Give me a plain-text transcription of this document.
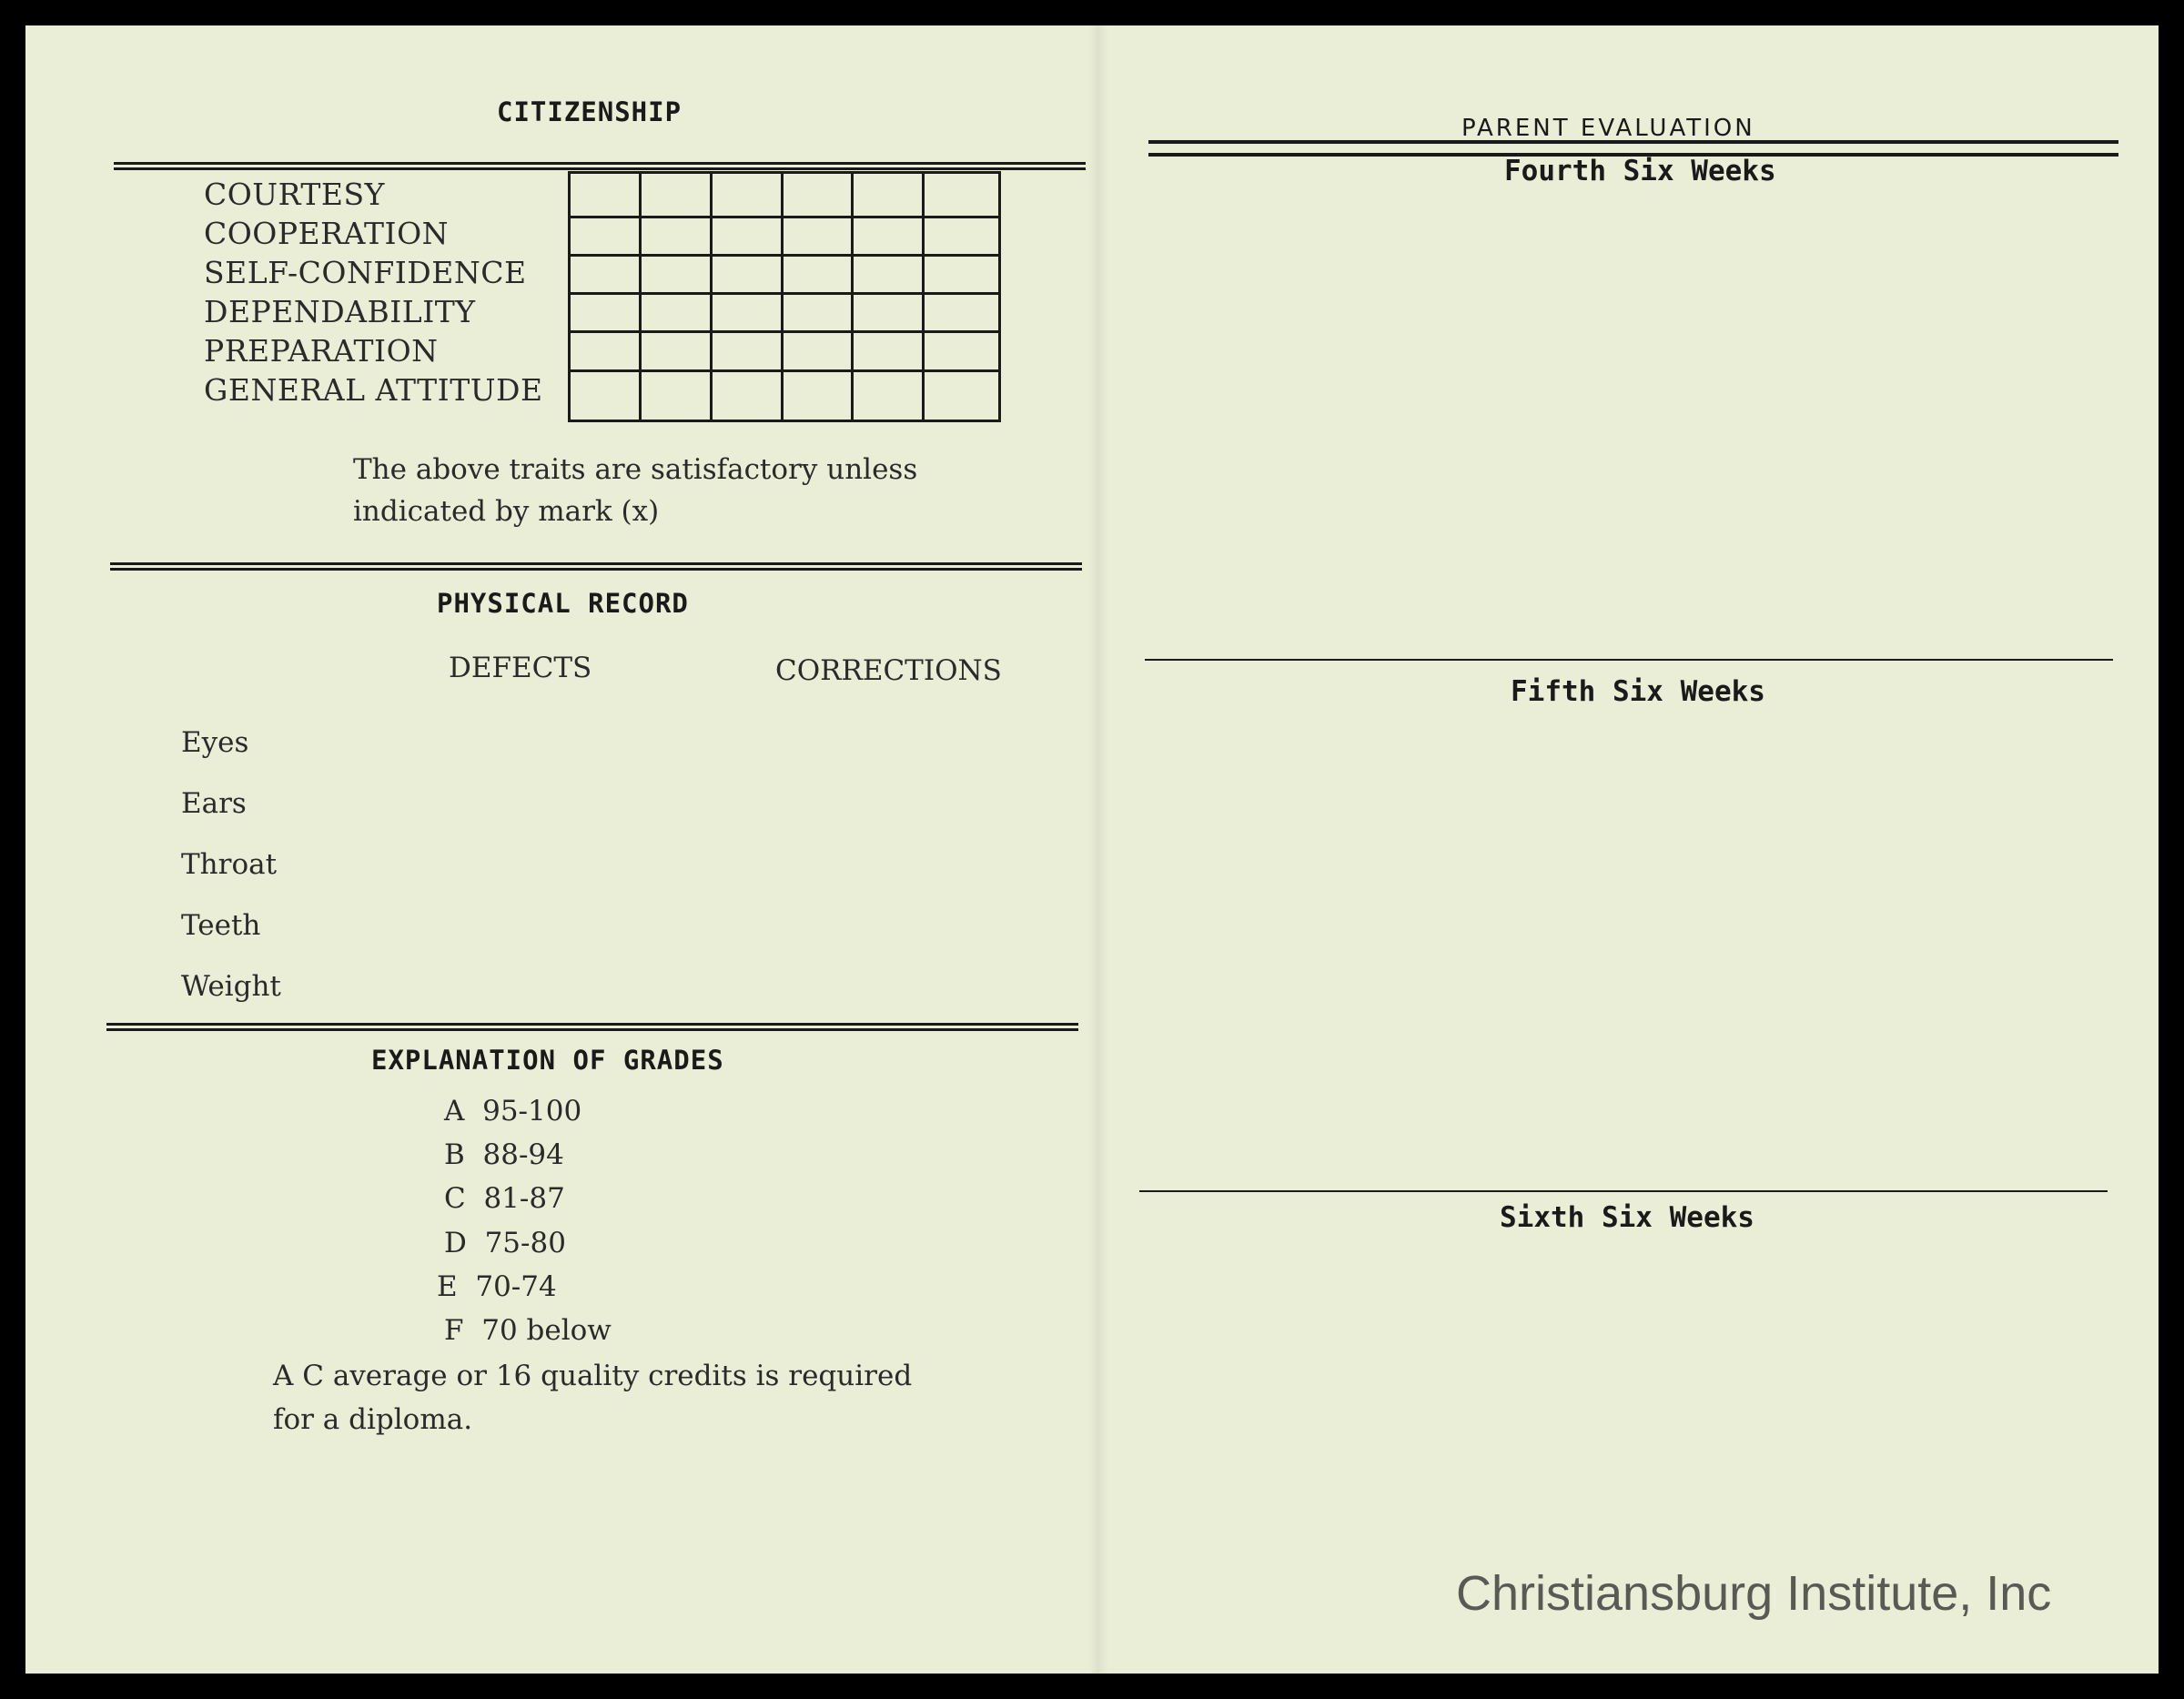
CITIZENSHIP
COURTESY
COOPERATION
SELF-CONFIDENCE
DEPENDABILITY
PREPARATION
GENERAL ATTITUDE
The above traits are satisfactory unless
indicated by mark (x)
PHYSICAL RECORD
DEFECTS	CORRECTIONS
Eyes
Ears
Throat
Teeth
Weight
EXPLANATION OF GRADES
A 95-100
B 88-94
C 81-87
D 75-80
E 70-74
F 70 below
A C average or 16 quality credits is required
for a diploma.
PARENT EVALUATION
Fourth Six Weeks
Fifth Six Weeks
Sixth Six Weeks
Christiansburg Institute, Inc
